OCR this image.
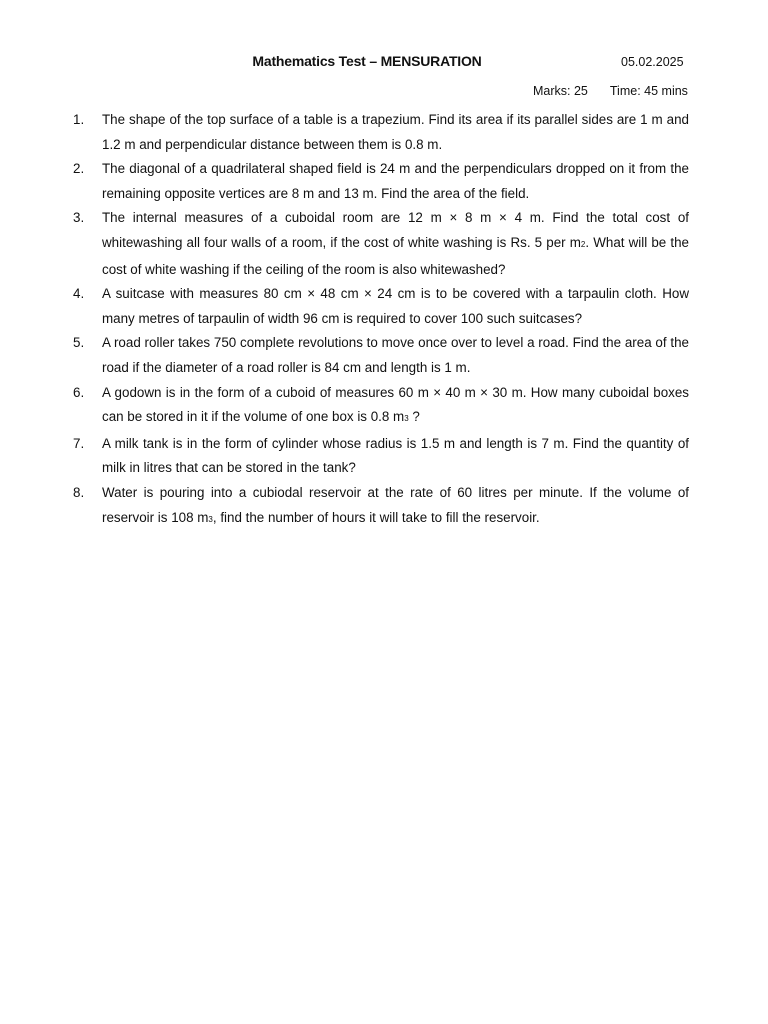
Mathematics Test – MENSURATION	05.02.2025
Marks: 25 Time: 45 mins
1. The shape of the top surface of a table is a trapezium. Find its area if its parallel sides are 1 m and 1.2 m and perpendicular distance between them is 0.8 m.
2. The diagonal of a quadrilateral shaped field is 24 m and the perpendiculars dropped on it from the remaining opposite vertices are 8 m and 13 m. Find the area of the field.
3. The internal measures of a cuboidal room are 12 m × 8 m × 4 m. Find the total cost of whitewashing all four walls of a room, if the cost of white washing is Rs. 5 per m2. What will be the cost of white washing if the ceiling of the room is also whitewashed?
4. A suitcase with measures 80 cm × 48 cm × 24 cm is to be covered with a tarpaulin cloth. How many metres of tarpaulin of width 96 cm is required to cover 100 such suitcases?
5. A road roller takes 750 complete revolutions to move once over to level a road. Find the area of the road if the diameter of a road roller is 84 cm and length is 1 m.
6. A godown is in the form of a cuboid of measures 60 m × 40 m × 30 m. How many cuboidal boxes can be stored in it if the volume of one box is 0.8 m3 ?
7. A milk tank is in the form of cylinder whose radius is 1.5 m and length is 7 m. Find the quantity of milk in litres that can be stored in the tank?
8. Water is pouring into a cubiodal reservoir at the rate of 60 litres per minute. If the volume of reservoir is 108 m3, find the number of hours it will take to fill the reservoir.
